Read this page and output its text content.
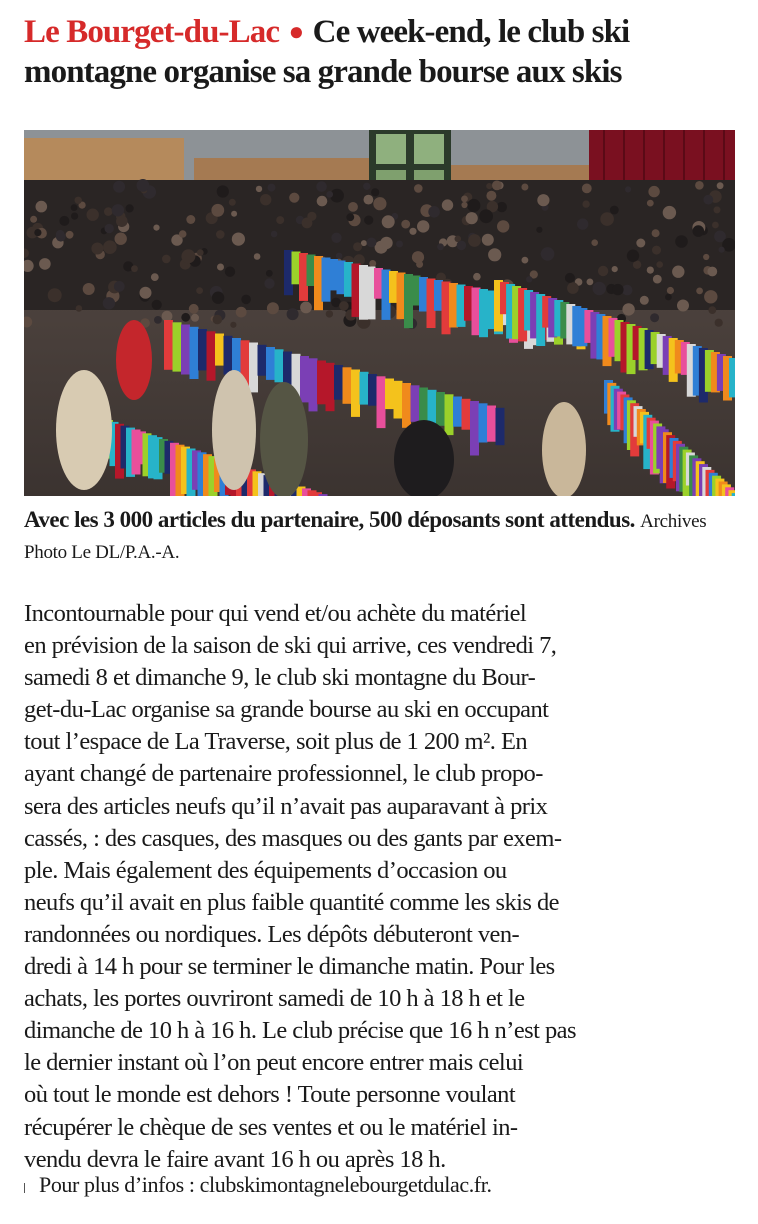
Le Bourget-du-Lac ● Ce week-end, le club ski montagne organise sa grande bourse aux skis

Avec les 3 000 articles du partenaire, 500 déposants sont attendus. Archives Photo Le DL/P.A.-A.

Incontournable pour qui vend et/ou achète du matériel
en prévision de la saison de ski qui arrive, ces vendredi 7,
samedi 8 et dimanche 9, le club ski montagne du Bour-
get-du-Lac organise sa grande bourse au ski en occupant
tout l’espace de La Traverse, soit plus de 1 200 m². En
ayant changé de partenaire professionnel, le club propo-
sera des articles neufs qu’il n’avait pas auparavant à prix
cassés, : des casques, des masques ou des gants par exem-
ple. Mais également des équipements d’occasion ou
neufs qu’il avait en plus faible quantité comme les skis de
randonnées ou nordiques. Les dépôts débuteront ven-
dredi à 14 h pour se terminer le dimanche matin. Pour les
achats, les portes ouvriront samedi de 10 h à 18 h et le
dimanche de 10 h à 16 h. Le club précise que 16 h n’est pas
le dernier instant où l’on peut encore entrer mais celui
où tout le monde est dehors ! Toute personne voulant
récupérer le chèque de ses ventes et ou le matériel in-
vendu devra le faire avant 16 h ou après 18 h.
Pour plus d’infos : clubskimontagnelebourgetdulac.fr.
